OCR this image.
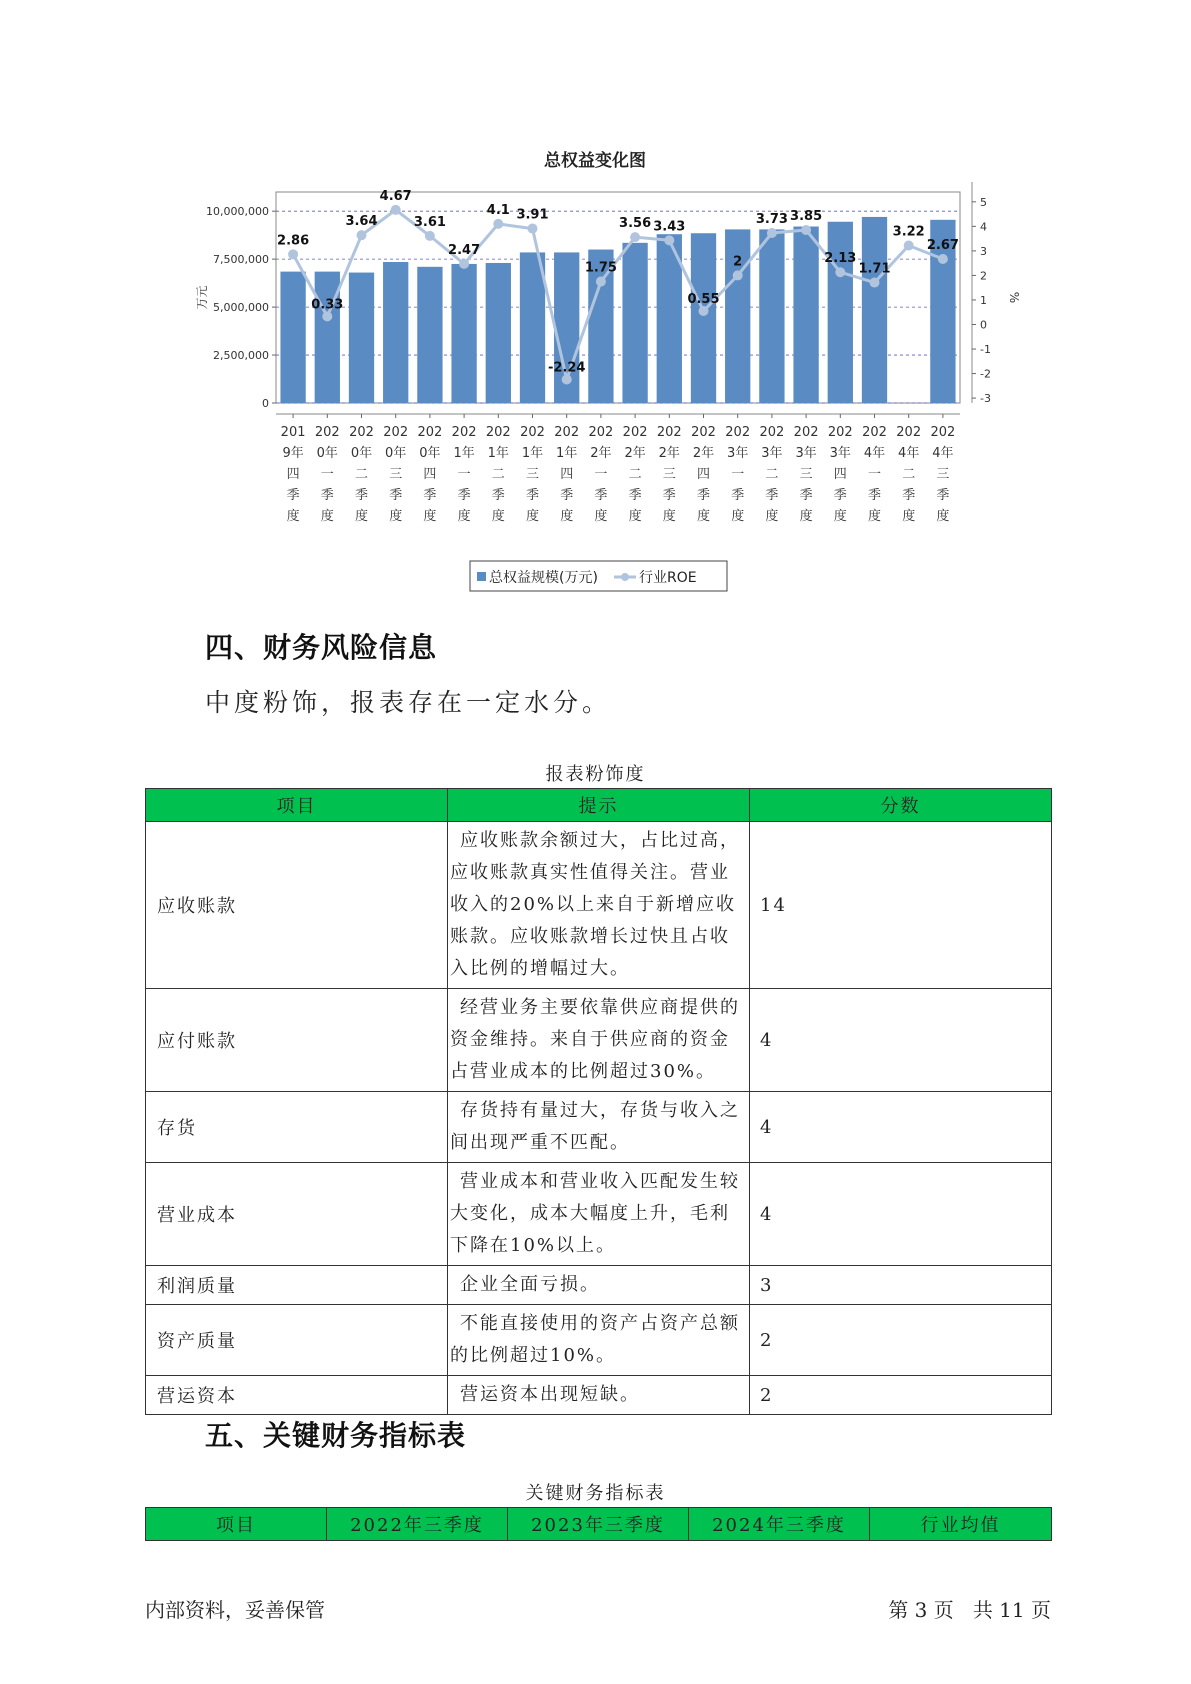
总权益变化图
10,000,000
7,500,000
5,000,000
2,500,000
0
万元
5
4
3
2
1
0
-1
-2
-3
%
2.86
0.33
3.64
4.67
3.61
2.47
4.1 3.91
-2.24
1.75
3.56 3.43
0.55
2
3.73 3.85
2.13
1.71
3.22
2.67
201 9年四季度
202 0年一季度
202 0年二季度
202 0年三季度
202 0年四季度
202 1年一季度
202 1年二季度
202 1年三季度
202 1年四季度
202 2年一季度
202 2年二季度
202 2年三季度
202 2年四季度
202 3年一季度
202 3年二季度
202 3年三季度
202 3年四季度
202 4年一季度
202 4年二季度
202 4年三季度
总权益规模(万元)	行业ROE
四、财务风险信息

中度粉饰，报表存在一定水分。

报表粉饰度
项目	提示	分数
应收账款	应收账款余额过大，占比过高，应收账款真实性值得关注。营业收入的20%以上来自于新增应收账款。应收账款增长过快且占收入比例的增幅过大。	14
应付账款	经营业务主要依靠供应商提供的资金维持。来自于供应商的资金占营业成本的比例超过30%。	4
存货	存货持有量过大，存货与收入之间出现严重不匹配。	4
营业成本	营业成本和营业收入匹配发生较大变化，成本大幅度上升，毛利下降在10%以上。	4
利润质量	企业全面亏损。	3
资产质量	不能直接使用的资产占资产总额的比例超过10%。	2
营运资本	营运资本出现短缺。	2
五、关键财务指标表
关键财务指标表
项目	2022年三季度	2023年三季度	2024年三季度	行业均值
内部资料，妥善保管	第 3 页   共 11 页
